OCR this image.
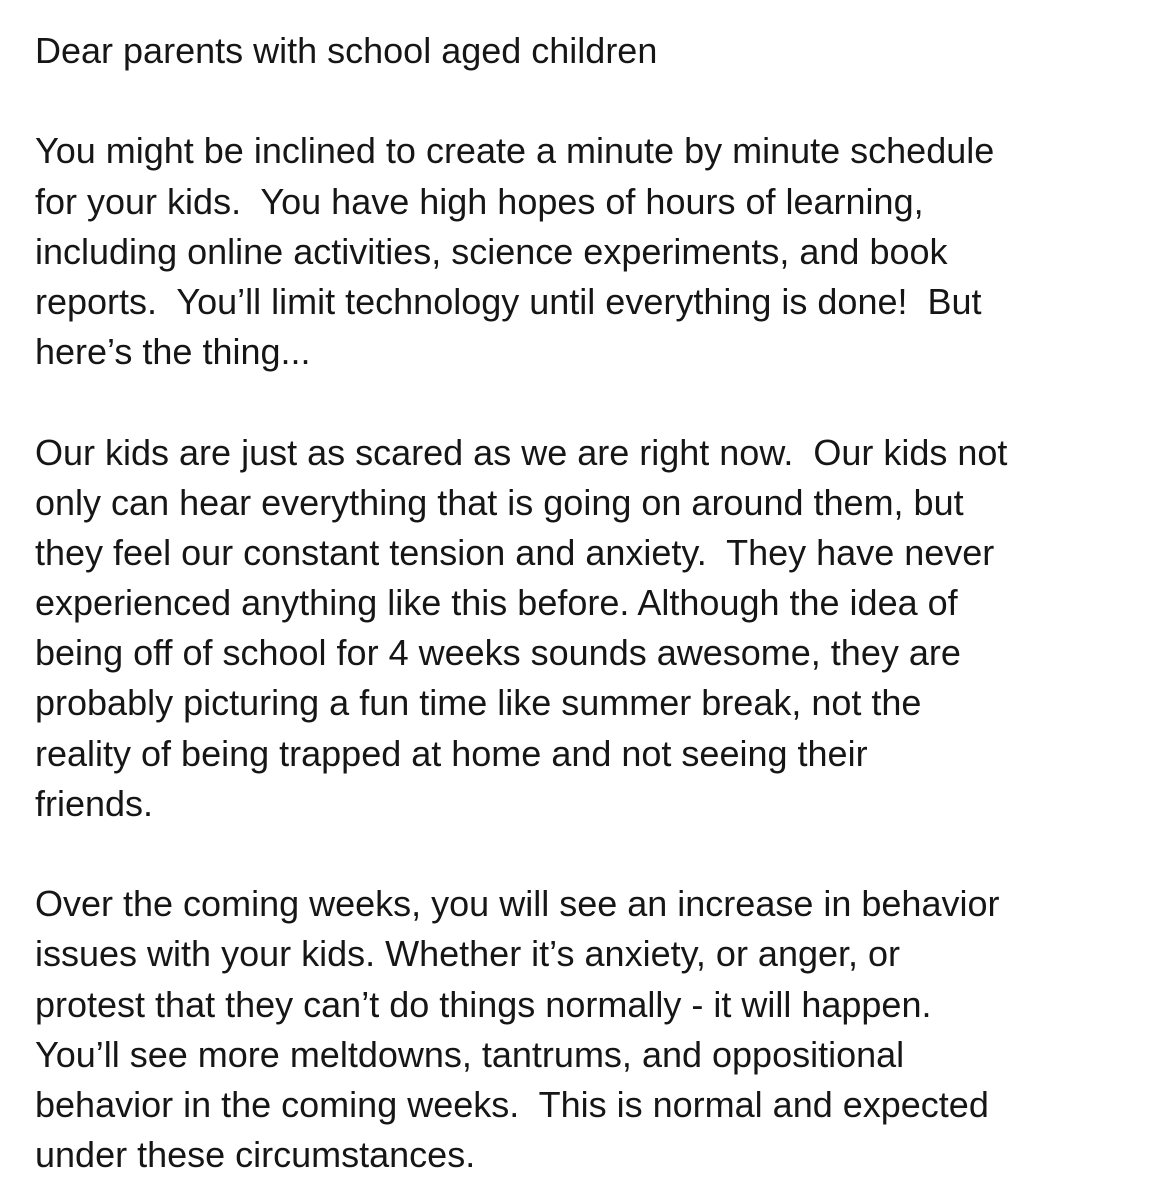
Dear parents with school aged children
You might be inclined to create a minute by minute schedule
for your kids.  You have high hopes of hours of learning,
including online activities, science experiments, and book
reports.  You’ll limit technology until everything is done!  But
here’s the thing...
Our kids are just as scared as we are right now.  Our kids not
only can hear everything that is going on around them, but
they feel our constant tension and anxiety.  They have never
experienced anything like this before. Although the idea of
being off of school for 4 weeks sounds awesome, they are
probably picturing a fun time like summer break, not the
reality of being trapped at home and not seeing their
friends.
Over the coming weeks, you will see an increase in behavior
issues with your kids. Whether it’s anxiety, or anger, or
protest that they can’t do things normally - it will happen.
You’ll see more meltdowns, tantrums, and oppositional
behavior in the coming weeks.  This is normal and expected
under these circumstances.
